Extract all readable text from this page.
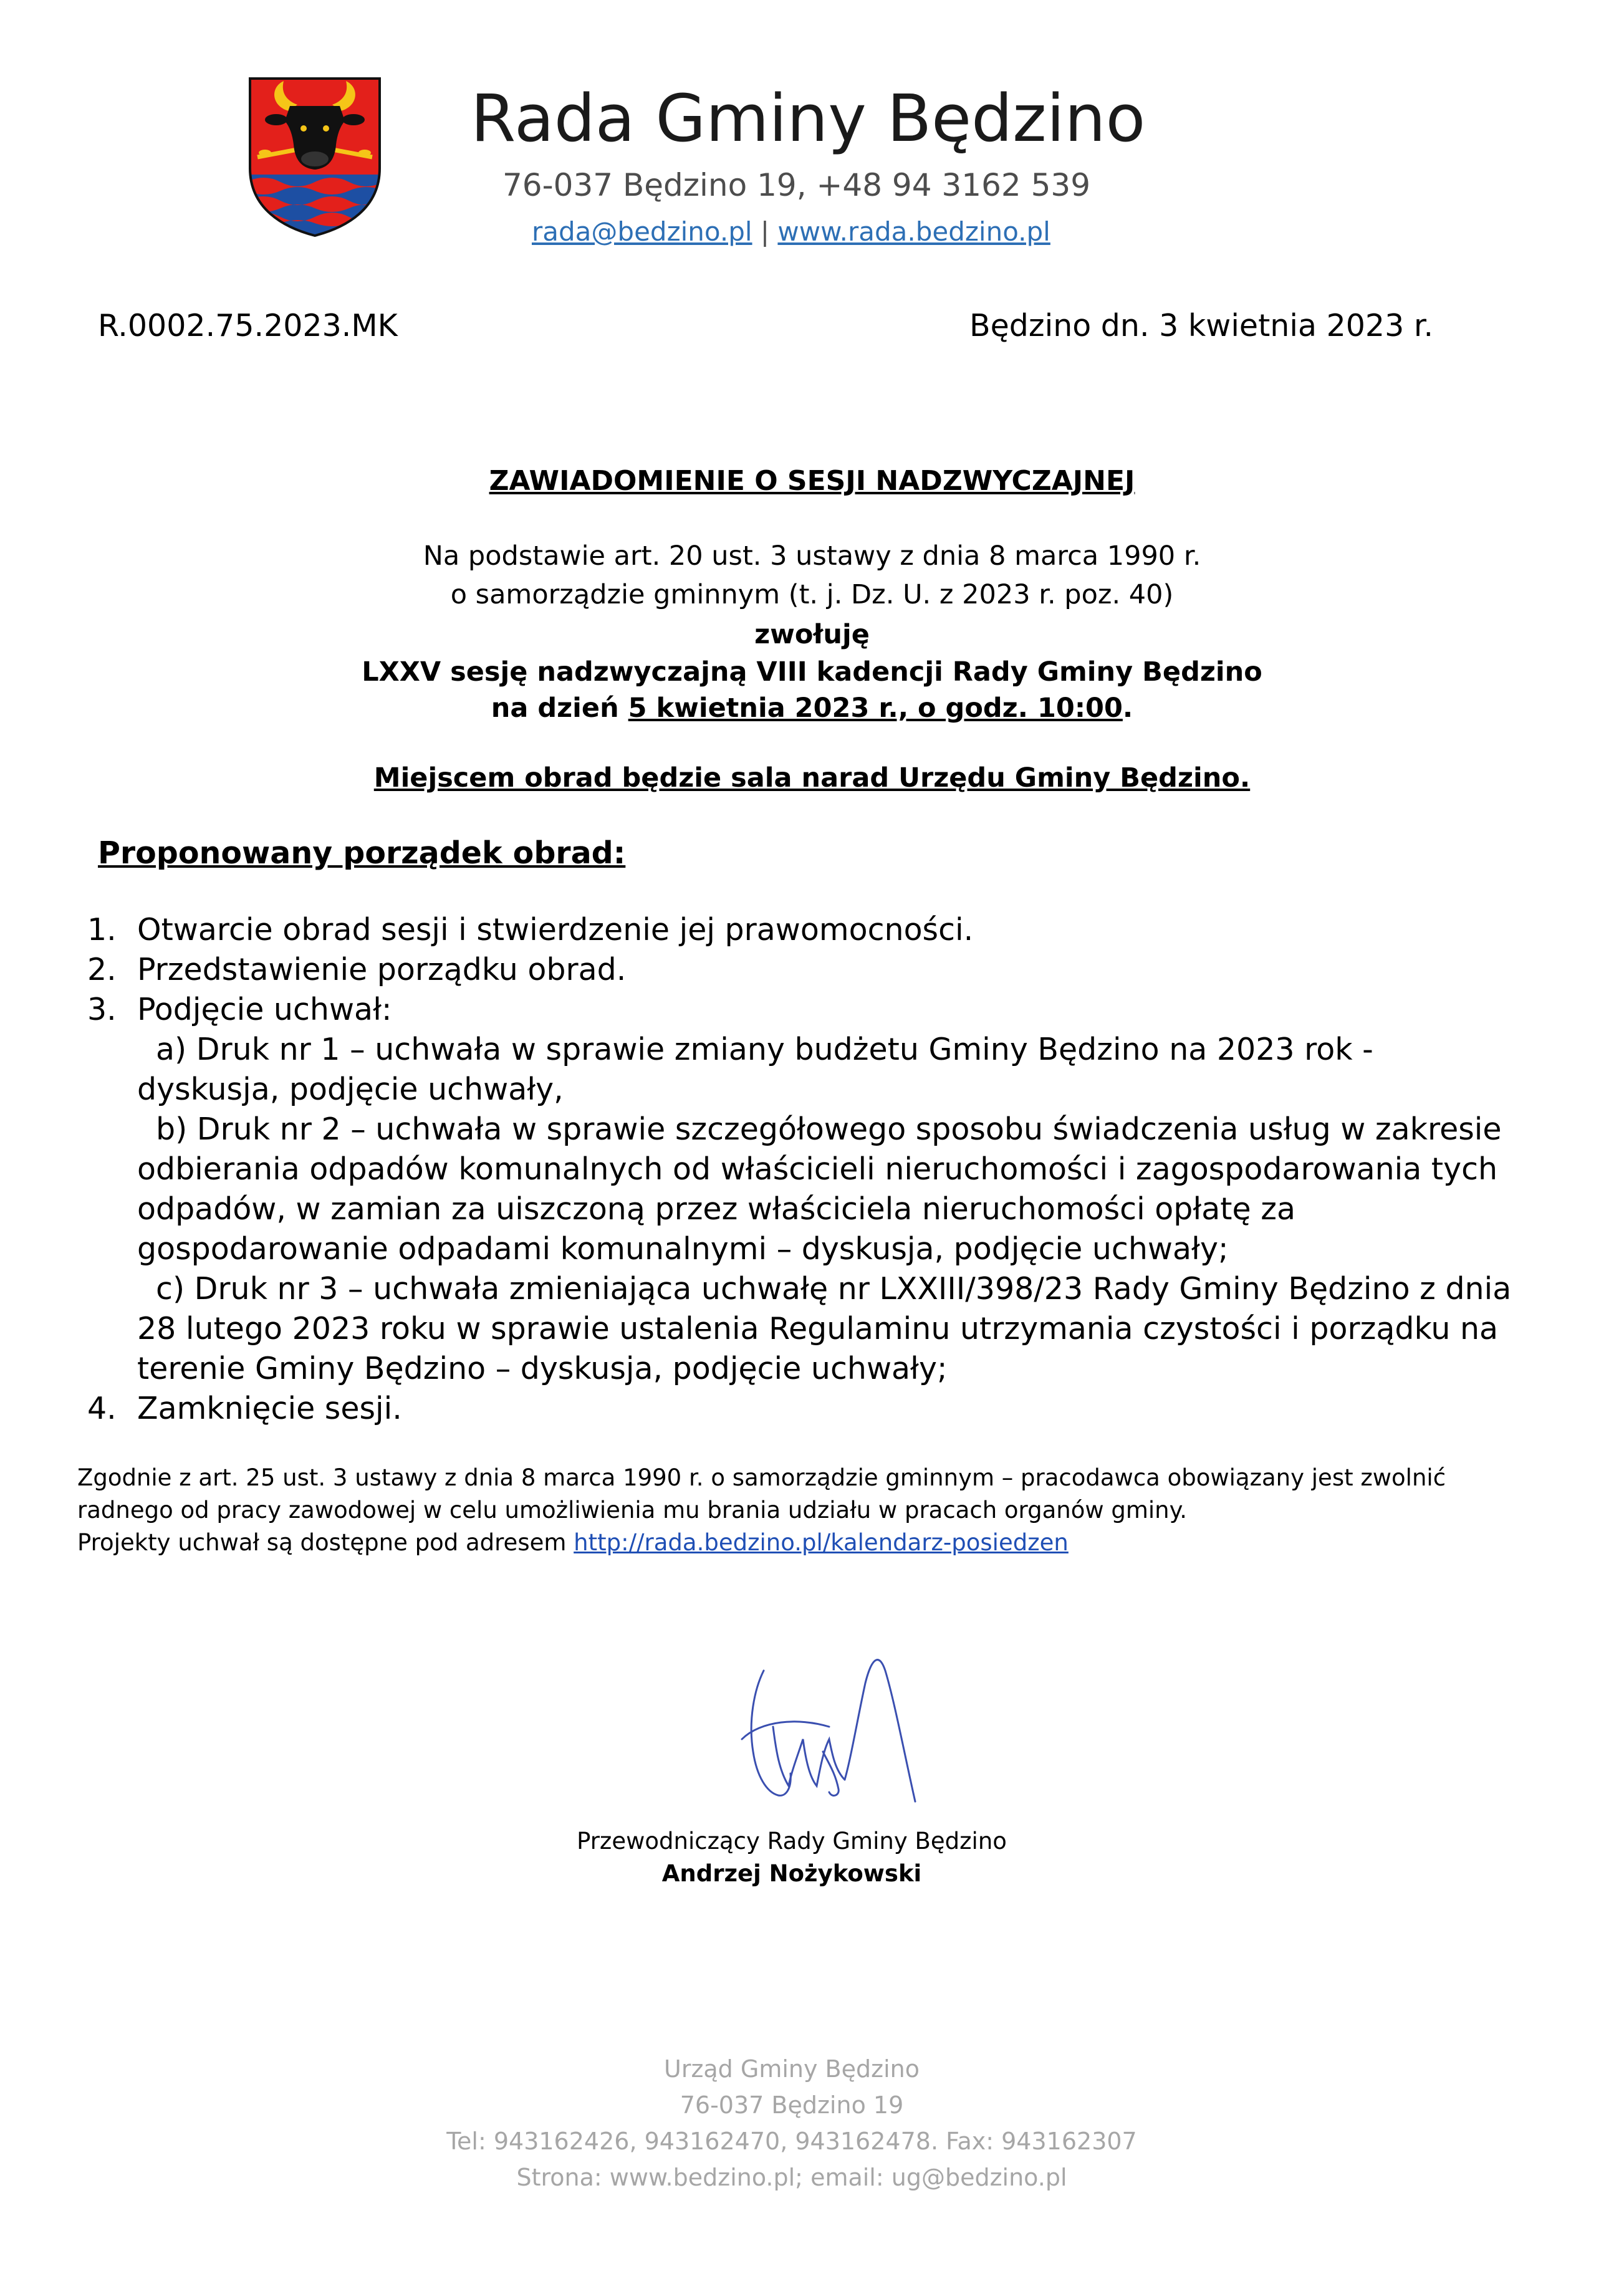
Rada Gminy Będzino
76-037 Będzino 19, +48 94 3162 539
rada@bedzino.pl | www.rada.bedzino.pl
R.0002.75.2023.MK	Będzino dn. 3 kwietnia 2023 r.
ZAWIADOMIENIE O SESJI NADZWYCZAJNEJ
Na podstawie art. 20 ust. 3 ustawy z dnia 8 marca 1990 r.
o samorządzie gminnym (t. j. Dz. U. z 2023 r. poz. 40)
zwołuję
LXXV sesję nadzwyczajną VIII kadencji Rady Gminy Będzino
na dzień 5 kwietnia 2023 r., o godz. 10:00.
Miejscem obrad będzie sala narad Urzędu Gminy Będzino.
Proponowany porządek obrad:
1. Otwarcie obrad sesji i stwierdzenie jej prawomocności.
2. Przedstawienie porządku obrad.
3. Podjęcie uchwał:
a) Druk nr 1 – uchwała w sprawie zmiany budżetu Gminy Będzino na 2023 rok - dyskusja, podjęcie uchwały,
b) Druk nr 2 – uchwała w sprawie szczegółowego sposobu świadczenia usług w zakresie odbierania odpadów komunalnych od właścicieli nieruchomości i zagospodarowania tych odpadów, w zamian za uiszczoną przez właściciela nieruchomości opłatę za gospodarowanie odpadami komunalnymi – dyskusja, podjęcie uchwały;
c) Druk nr 3 – uchwała zmieniająca uchwałę nr LXXIII/398/23 Rady Gminy Będzino z dnia 28 lutego 2023 roku w sprawie ustalenia Regulaminu utrzymania czystości i porządku na terenie Gminy Będzino – dyskusja, podjęcie uchwały;
4. Zamknięcie sesji.
Zgodnie z art. 25 ust. 3 ustawy z dnia 8 marca 1990 r. o samorządzie gminnym – pracodawca obowiązany jest zwolnić radnego od pracy zawodowej w celu umożliwienia mu brania udziału w pracach organów gminy.
Projekty uchwał są dostępne pod adresem http://rada.bedzino.pl/kalendarz-posiedzen
Przewodniczący Rady Gminy Będzino
Andrzej Nożykowski
Urząd Gminy Będzino
76-037 Będzino 19
Tel: 943162426, 943162470, 943162478. Fax: 943162307
Strona: www.bedzino.pl; email: ug@bedzino.pl
